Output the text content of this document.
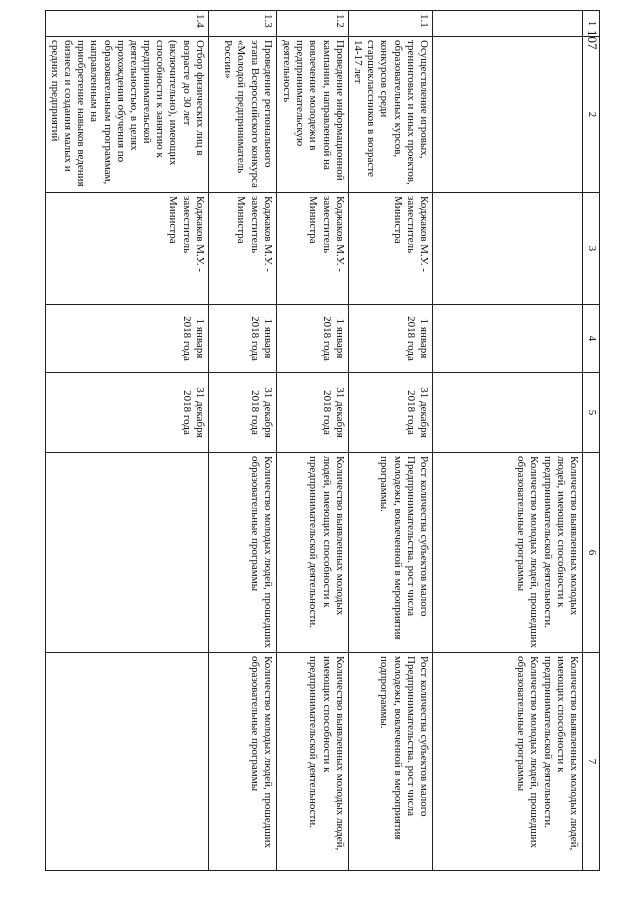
107
1	2	3	4	5	6	7
					Количество выявленных молодых людей, имеющих способности к предпринимательской деятельности. Количество молодых людей, прошедших образовательные программы	Количество выявленных молодых людей, имеющих способности к предпринимательской деятельности. Количество молодых людей, прошедших образовательные программы
1.1	Осуществление игровых, тренинговых и иных проектов, образовательных курсов, конкурсов среди старшеклассников в возрасте 14-17 лет	Коджаков М.У. - заместитель Министра	1 января 2018 года	31 декабря 2018 года	Рост количества субъектов малого Предпринимательства. рост числа молодежи, вовлеченной в мероприятия программы.	Рост количества субъектов малого Предпринимательства. рост числа молодежи, вовлеченной в мероприятия подпрограммы.
1.2	Проведение информационной кампании, направленной на вовлечение молодежи в предпринимательскую деятельность	Коджаков М.У. - заместитель Министра	1 января 2018 года	31 декабря 2018 года	Количество выявленных молодых людей, имеющих способности к предпринимательской деятельности.	Количество выявленных молодых людей, имеющих способности к предпринимательской деятельности.
1.3	Проведение регионального этапа Всероссийского конкурса «Молодой предприниматель России»	Коджаков М.У. - заместитель Министра	1 января 2018 года	31 декабря 2018 года	Количество молодых людей, прошедших образовательные программы	Количество молодых людей, прошедших образовательные программы
1.4	Отбор физических лиц в возрасте до 30 лет (включительно), имеющих способности к занятию к предпринимательской деятельностью, в целях прохождения обучения по образовательным программам, направленным на приобретение навыков ведения бизнеса и создания малых и средних предприятий	Коджаков М.У. - заместитель Министра	1 января 2018 года	31 декабря 2018 года		
